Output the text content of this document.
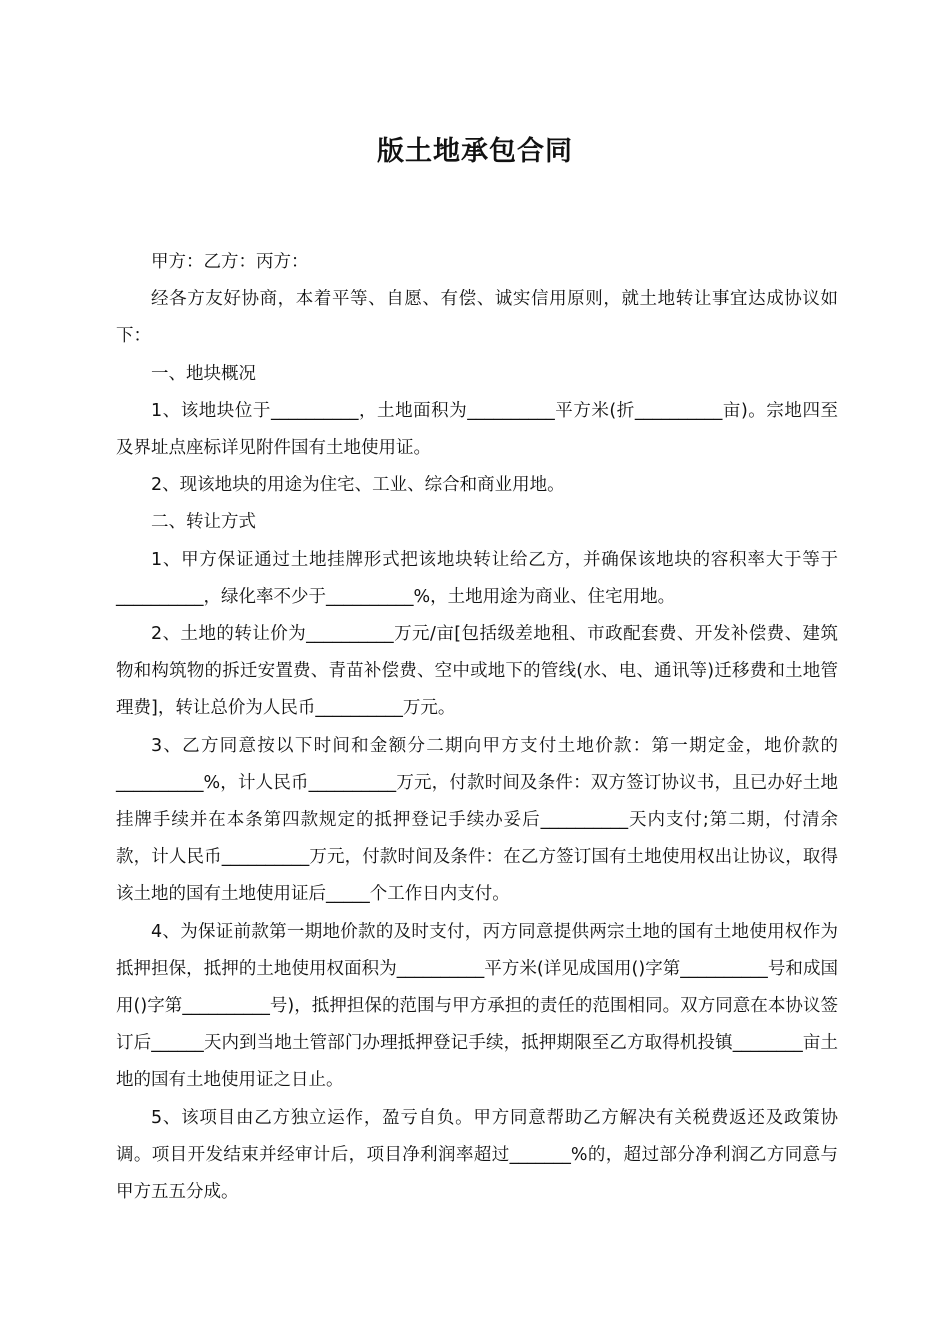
版土地承包合同

甲方：乙方：丙方：

经各方友好协商，本着平等、自愿、有偿、诚实信用原则，就土地转让事宜达成协议如下：

一、地块概况

1、该地块位于__________，土地面积为__________平方米(折__________亩)。宗地四至及界址点座标详见附件国有土地使用证。

2、现该地块的用途为住宅、工业、综合和商业用地。

二、转让方式

1、甲方保证通过土地挂牌形式把该地块转让给乙方，并确保该地块的容积率大于等于__________，绿化率不少于__________%，土地用途为商业、住宅用地。

2、土地的转让价为__________万元/亩[包括级差地租、市政配套费、开发补偿费、建筑物和构筑物的拆迁安置费、青苗补偿费、空中或地下的管线(水、电、通讯等)迁移费和土地管理费]，转让总价为人民币__________万元。

3、乙方同意按以下时间和金额分二期向甲方支付土地价款：第一期定金，地价款的__________%，计人民币__________万元，付款时间及条件：双方签订协议书，且已办好土地挂牌手续并在本条第四款规定的抵押登记手续办妥后__________天内支付;第二期，付清余款，计人民币__________万元，付款时间及条件：在乙方签订国有土地使用权出让协议，取得该土地的国有土地使用证后_____个工作日内支付。

4、为保证前款第一期地价款的及时支付，丙方同意提供两宗土地的国有土地使用权作为抵押担保，抵押的土地使用权面积为__________平方米(详见成国用()字第__________号和成国用()字第__________号)，抵押担保的范围与甲方承担的责任的范围相同。双方同意在本协议签订后______天内到当地土管部门办理抵押登记手续，抵押期限至乙方取得机投镇________亩土地的国有土地使用证之日止。

5、该项目由乙方独立运作，盈亏自负。甲方同意帮助乙方解决有关税费返还及政策协调。项目开发结束并经审计后，项目净利润率超过_______%的，超过部分净利润乙方同意与甲方五五分成。
